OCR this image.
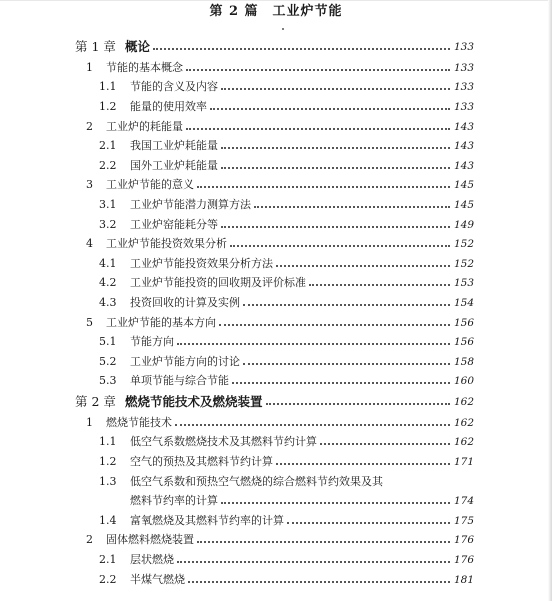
第 2 篇 工业炉节能
第 1 章 概论	133
1 节能的基本概念	133
1.1 节能的含义及内容	133
1.2 能量的使用效率	133
2 工业炉的耗能量	143
2.1 我国工业炉耗能量	143
2.2 国外工业炉耗能量	143
3 工业炉节能的意义	145
3.1 工业炉节能潜力测算方法	145
3.2 工业炉窑能耗分等	149
4 工业炉节能投资效果分析	152
4.1 工业炉节能投资效果分析方法	152
4.2 工业炉节能投资的回收期及评价标准	153
4.3 投资回收的计算及实例	154
5 工业炉节能的基本方向	156
5.1 节能方向	156
5.2 工业炉节能方向的讨论	158
5.3 单项节能与综合节能	160
第 2 章 燃烧节能技术及燃烧装置	162
1 燃烧节能技术	162
1.1 低空气系数燃烧技术及其燃料节约计算	162
1.2 空气的预热及其燃料节约计算	171
1.3 低空气系数和预热空气燃烧的综合燃料节约效果及其
燃料节约率的计算	174
1.4 富氧燃烧及其燃料节约率的计算	175
2 固体燃料燃烧装置	176
2.1 层状燃烧	176
2.2 半煤气燃烧	181
